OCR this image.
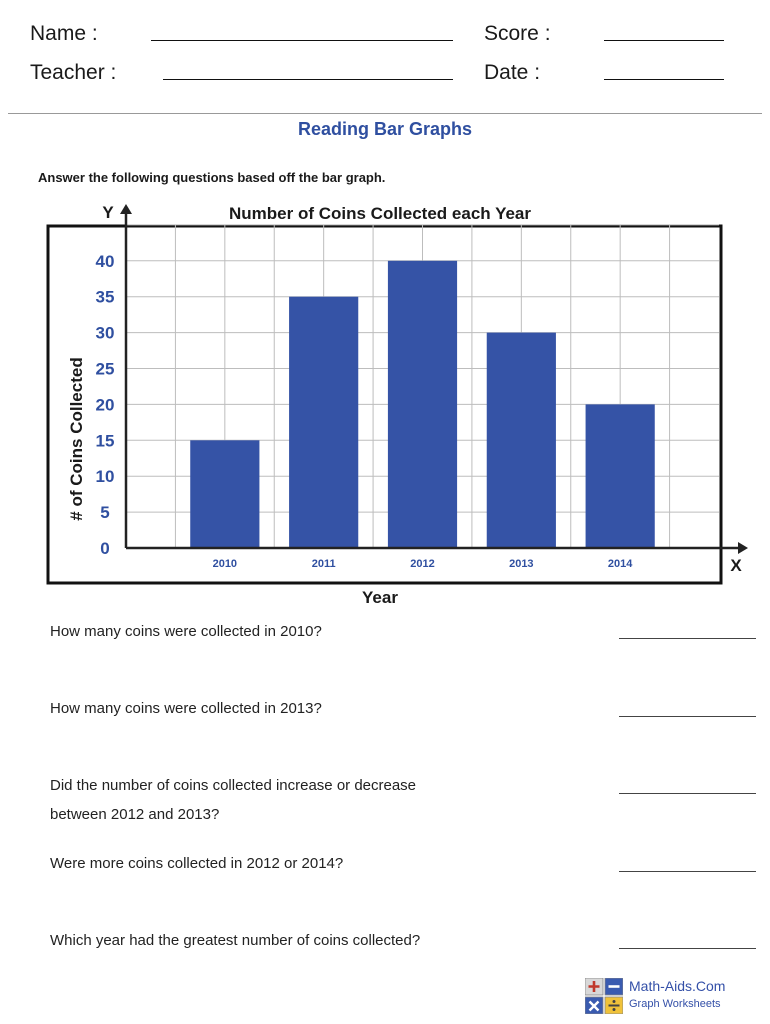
Name :
Teacher :
Score :
Date :
Reading Bar Graphs
Answer the following questions based off the bar graph.
0
5
10
15
20
25
30
35
40
2010	2011	2012	2013	2014
Number of Coins Collected each Year
Y
X
Year
# of Coins Collected
How many coins were collected in 2010?
How many coins were collected in 2013?
Did the number of coins collected increase or decrease
between 2012 and 2013?
Were more coins collected in 2012 or 2014?
Which year had the greatest number of coins collected?
Math-Aids.Com
Graph Worksheets
